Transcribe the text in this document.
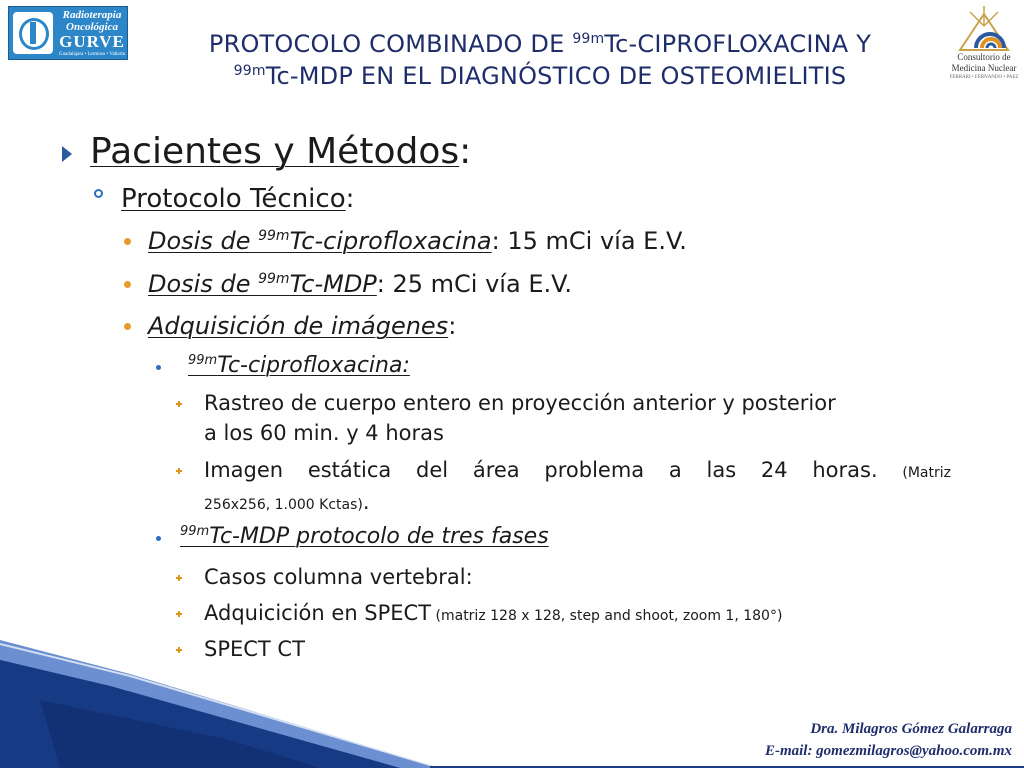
Radioterapia
Oncológica
GURVE
Guadalajara • Lermoso • Vallarta	PROTOCOLO COMBINADO DE $^{99m}$Tc-CIPROFLOXACINA Y
$^{99m}$Tc-MDP EN EL DIAGNÓSTICO DE OSTEOMIELITIS
Consultorio de
Medicina Nuclear
FERRARI • FERNANDO • PAEZ
Pacientes y Métodos:
Protocolo Técnico:
Dosis de $^{99m}$Tc-ciprofloxacina: 15 mCi vía E.V.
Dosis de $^{99m}$Tc-MDP: 25 mCi vía E.V.
Adquisición de imágenes:
$^{99m}$Tc-ciprofloxacina:
Rastreo de cuerpo entero en proyección anterior y posterior
a los 60 min. y 4 horas
Imagen estática del área problema a las 24 horas. (Matriz
256x256, 1.000 Kctas).
$^{99m}$Tc-MDP protocolo de tres fases
Casos columna vertebral:
Adquicición en SPECT (matriz 128 x 128, step and shoot, zoom 1, 180°)
SPECT CT
Dra. Milagros Gómez Galarraga
E-mail: gomezmilagros@yahoo.com.mx
